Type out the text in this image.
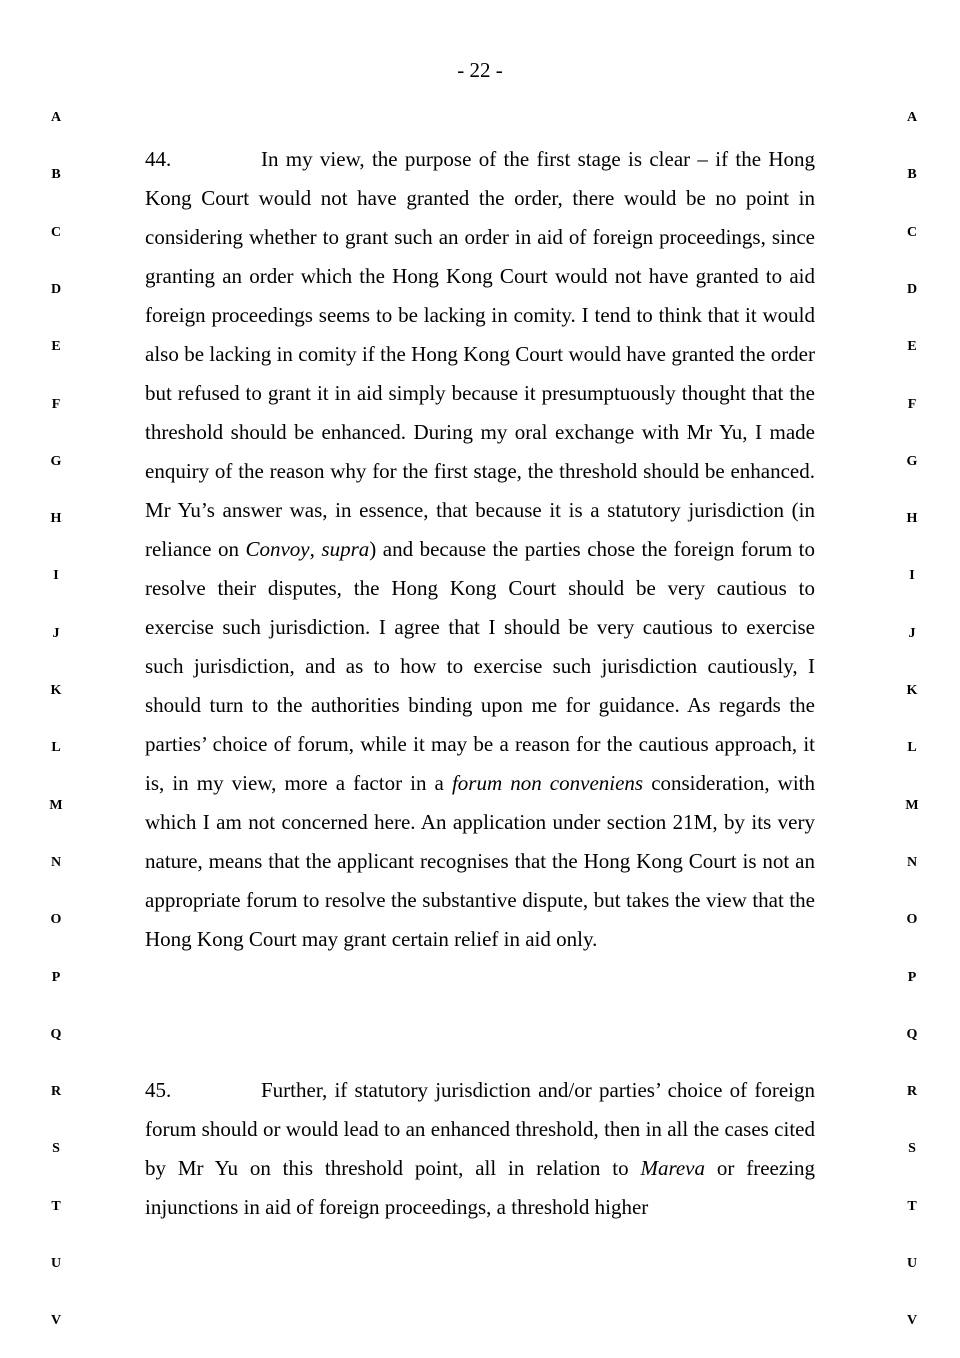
- 22 -
A
B
C
D
E
F
G
H
I
J
K
L
M
N
O
P
Q
R
S
T
U
V
A
B
C
D
E
F
G
H
I
J
K
L
M
N
O
P
Q
R
S
T
U
V

44.	In my view, the purpose of the first stage is clear – if the Hong Kong Court would not have granted the order, there would be no point in considering whether to grant such an order in aid of foreign proceedings, since granting an order which the Hong Kong Court would not have granted to aid foreign proceedings seems to be lacking in comity. I tend to think that it would also be lacking in comity if the Hong Kong Court would have granted the order but refused to grant it in aid simply because it presumptuously thought that the threshold should be enhanced. During my oral exchange with Mr Yu, I made enquiry of the reason why for the first stage, the threshold should be enhanced. Mr Yu’s answer was, in essence, that because it is a statutory jurisdiction (in reliance on Convoy, supra) and because the parties chose the foreign forum to resolve their disputes, the Hong Kong Court should be very cautious to exercise such jurisdiction. I agree that I should be very cautious to exercise such jurisdiction, and as to how to exercise such jurisdiction cautiously, I should turn to the authorities binding upon me for guidance. As regards the parties’ choice of forum, while it may be a reason for the cautious approach, it is, in my view, more a factor in a forum non conveniens consideration, with which I am not concerned here. An application under section 21M, by its very nature, means that the applicant recognises that the Hong Kong Court is not an appropriate forum to resolve the substantive dispute, but takes the view that the Hong Kong Court may grant certain relief in aid only.

45.	Further, if statutory jurisdiction and/or parties’ choice of foreign forum should or would lead to an enhanced threshold, then in all the cases cited by Mr Yu on this threshold point, all in relation to Mareva or freezing injunctions in aid of foreign proceedings, a threshold higher
